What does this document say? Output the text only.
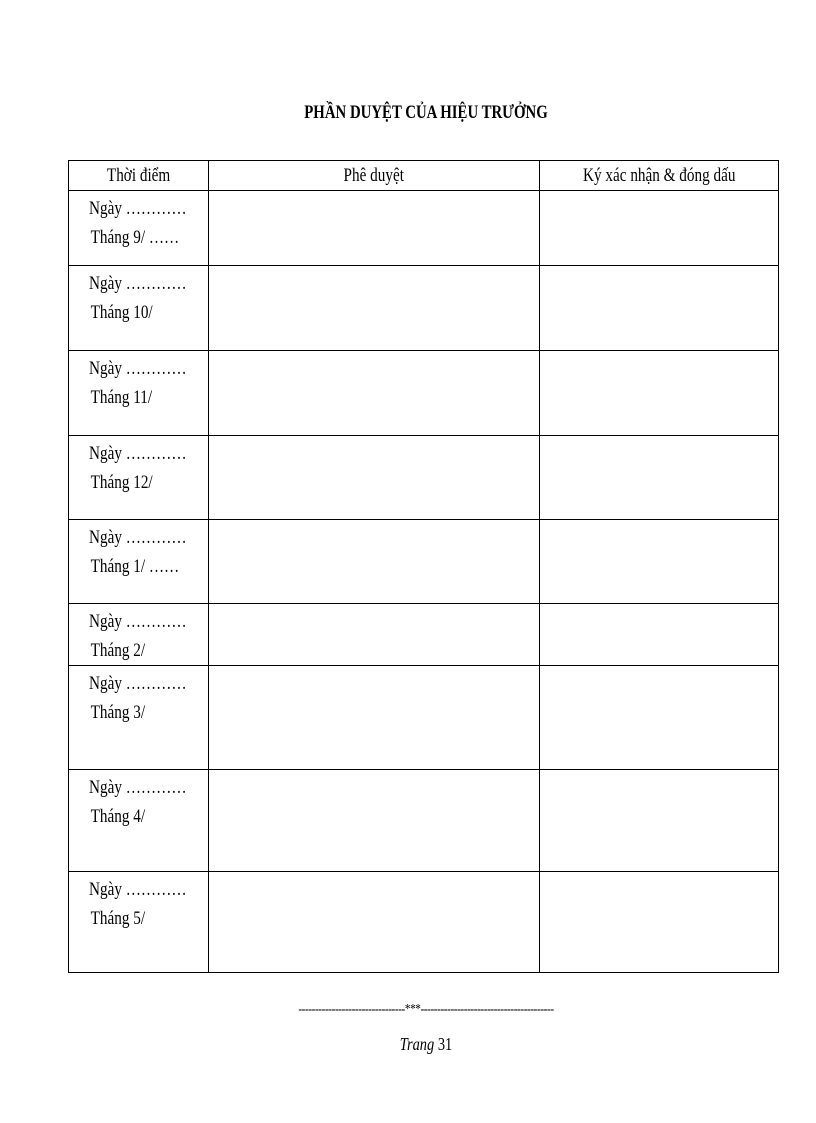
PHẦN DUYỆT CỦA HIỆU TRƯỞNG
Thời điểm	Phê duyệt	Ký xác nhận & đóng dấu

Ngày …………
Tháng 9/ ……		

Ngày …………
Tháng 10/		

Ngày …………
Tháng 11/		

Ngày …………
Tháng 12/		

Ngày …………
Tháng 1/ ……		

Ngày …………
Tháng 2/		

Ngày …………
Tháng 3/		

Ngày …………
Tháng 4/		

Ngày …………
Tháng 5/		

--------------------------------***----------------------------------------
Trang 31
